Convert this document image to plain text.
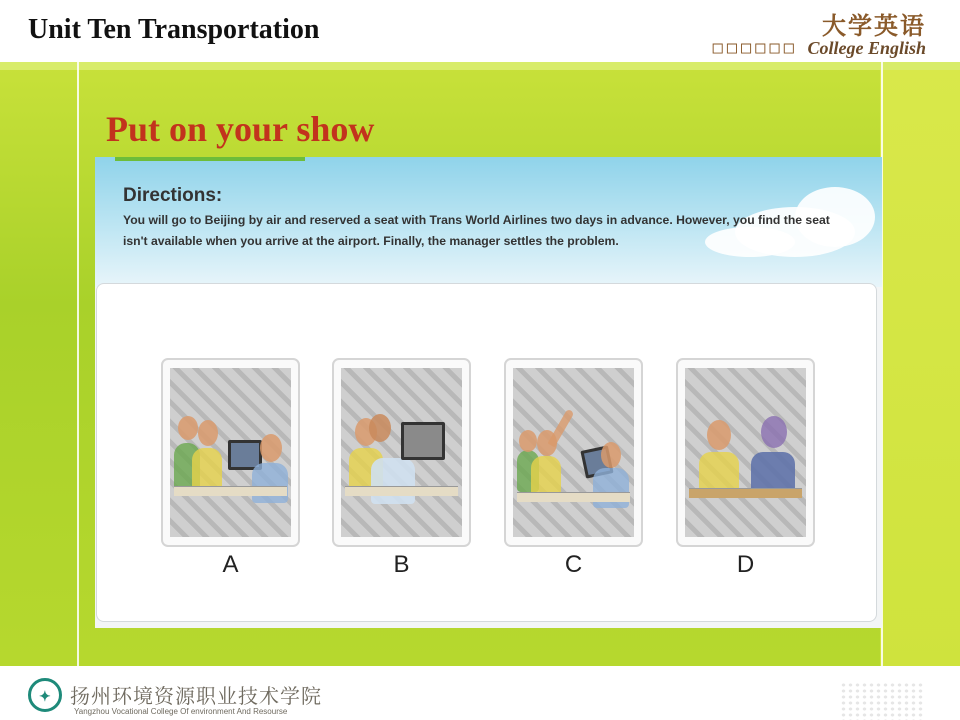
Unit Ten Transportation	大学英语
□□□□□□ College English
Put on your show
Directions:
You will go to Beijing by air and reserved a seat with Trans World Airlines two days in advance. However, you find the seat isn't available when you arrive at the airport. Finally, the manager settles the problem.
A	B	C	D
✦ 扬州环境资源职业技术学院
Yangzhou Vocational College Of environment And Resourse
